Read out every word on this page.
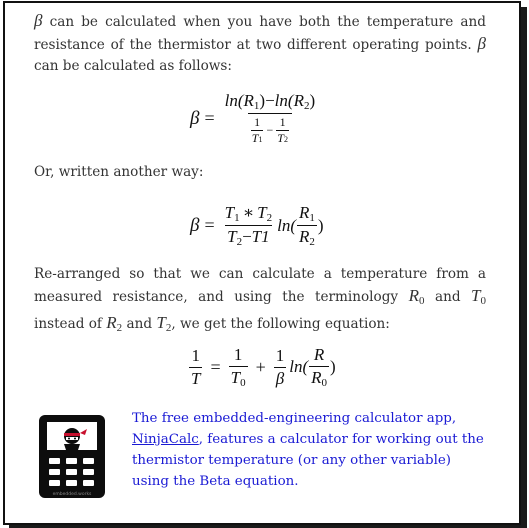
β can be calculated when you have both the temperature and resistance of the thermistor at two different operating points. β can be calculated as follows:

$\beta = \frac{\ln(R_1)-\ln(R_2)}{\frac{1}{T1} - \frac{1}{T2}}$

Or, written another way:

$\beta = \frac{T_1 ∗ T_2}{T_2-T1} \ln( \frac{R_1}{R_2}$ )

Re-arranged so that we can calculate a temperature from a measured resistance, and using the terminology $R_0$ and $T_0$ instead of $R_2$ and $T_2$, we get the following equation:

$\frac{1}{T} = \frac{1}{T_0} + \frac{1}{\beta} \ln( \frac{R}{R_0}$ )
embedded.works

The free embedded-engineering calculator app, NinjaCalc, features a calculator for working out the thermistor temperature (or any other variable) using the Beta equation.
